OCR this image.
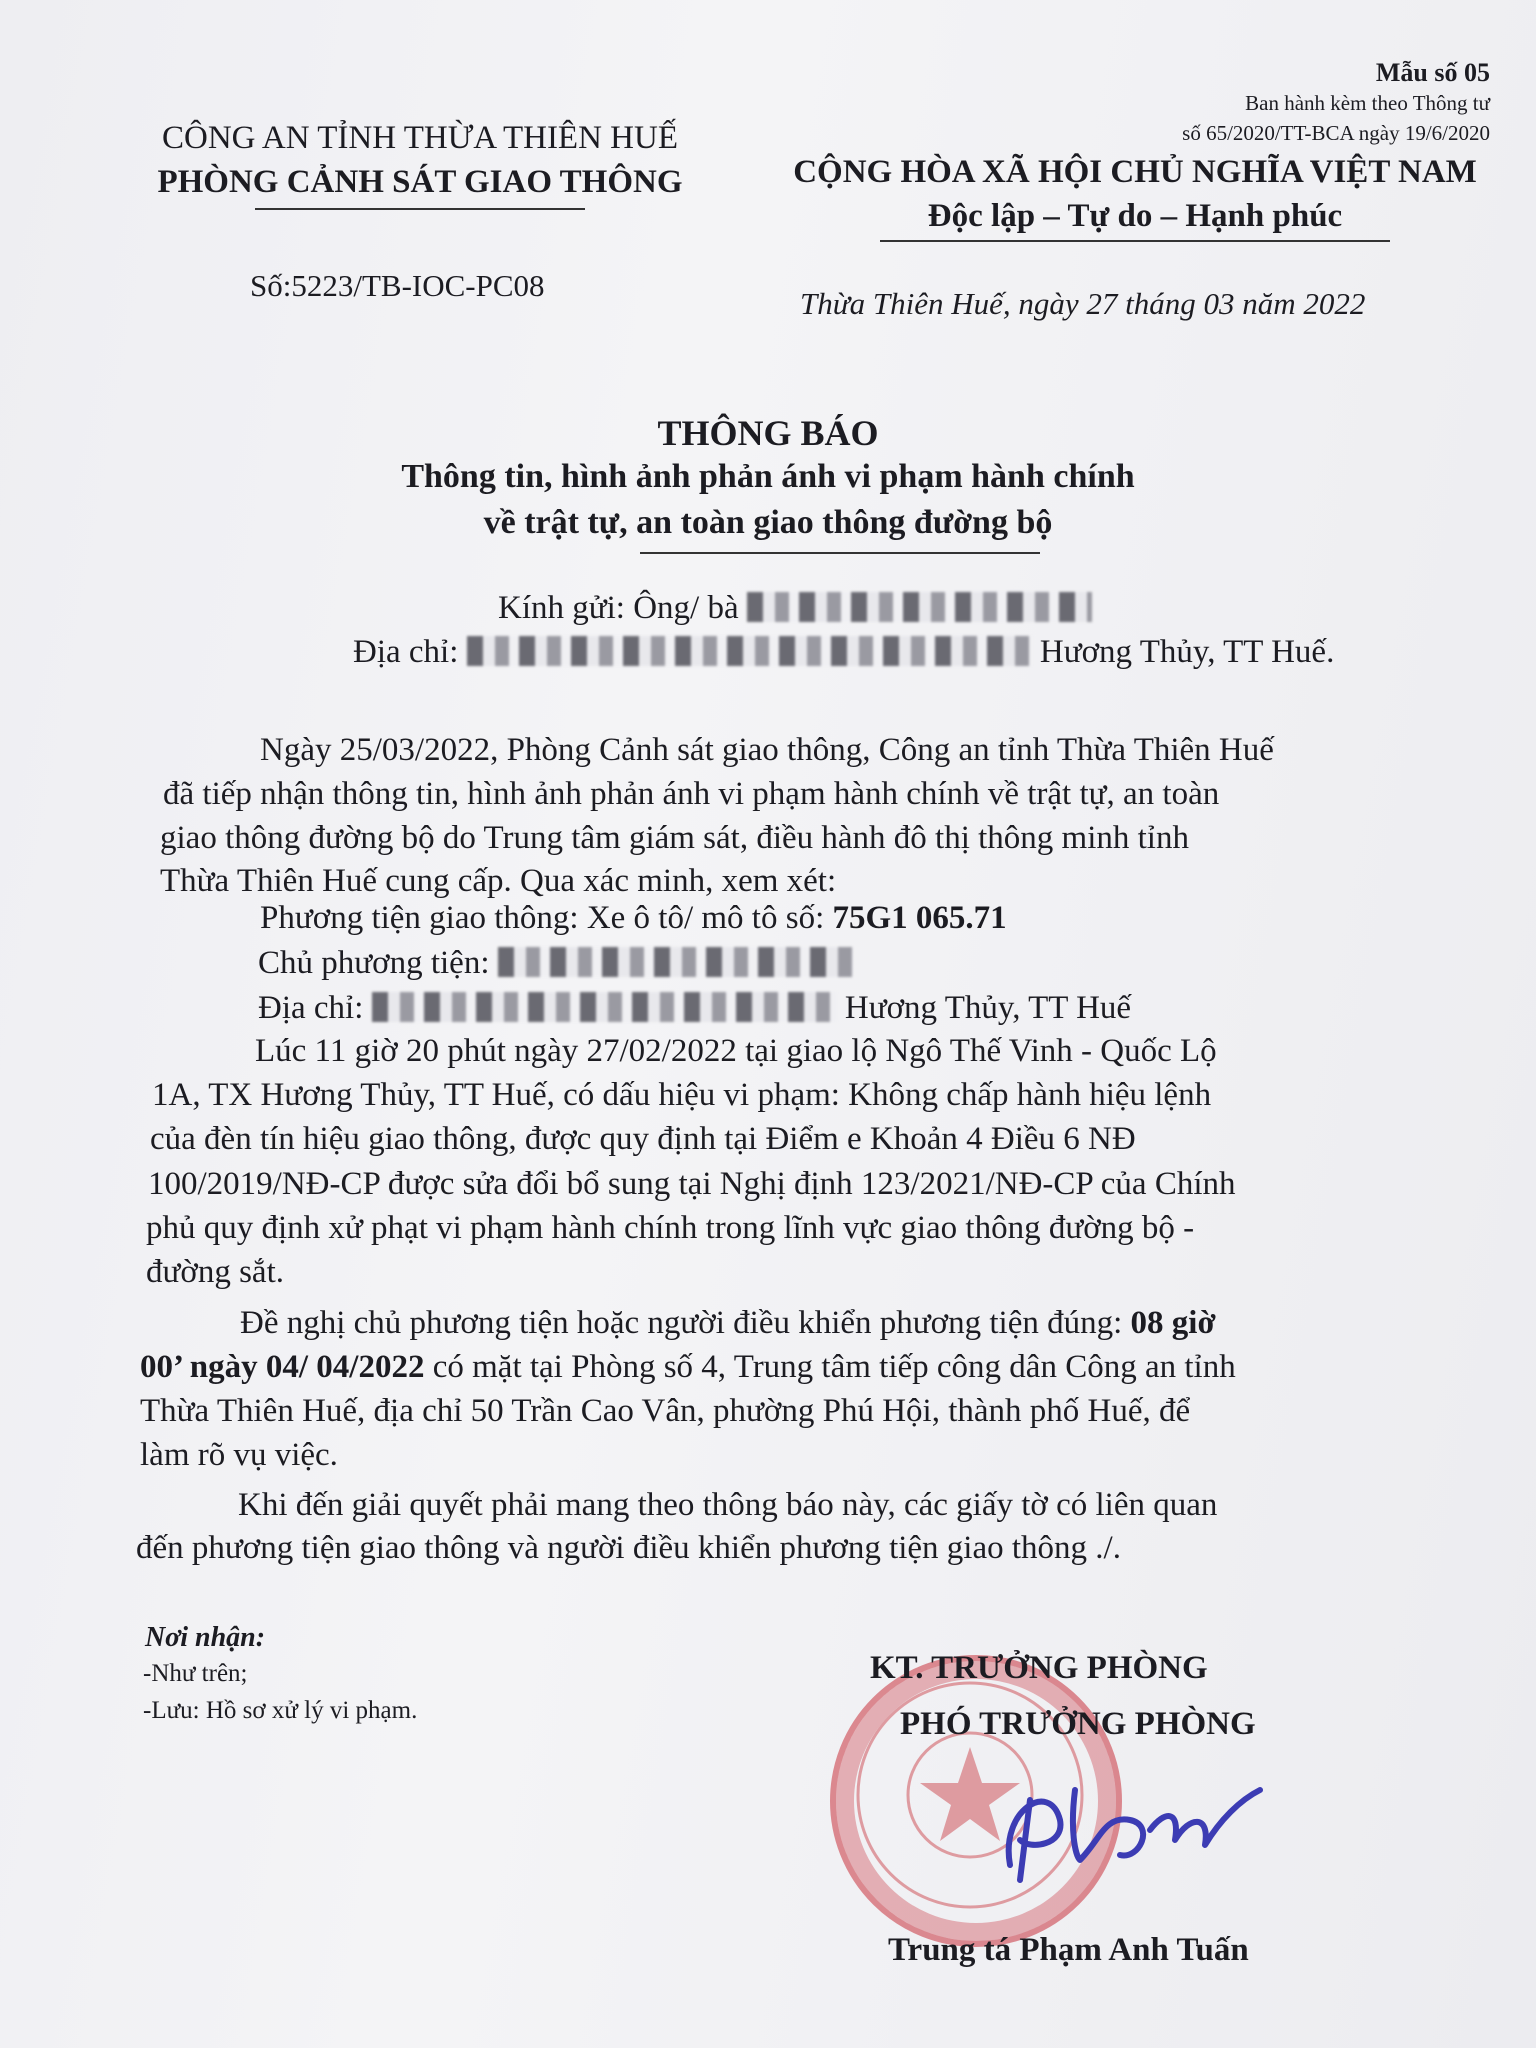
Mẫu số 05
Ban hành kèm theo Thông tư
số 65/2020/TT-BCA ngày 19/6/2020
CÔNG AN TỈNH THỪA THIÊN HUẾ
PHÒNG CẢNH SÁT GIAO THÔNG	CỘNG HÒA XÃ HỘI CHỦ NGHĨA VIỆT NAM
Độc lập – Tự do – Hạnh phúc
Số:5223/TB-IOC-PC08
Thừa Thiên Huế, ngày 27 tháng 03 năm 2022
THÔNG BÁO
Thông tin, hình ảnh phản ánh vi phạm hành chính
về trật tự, an toàn giao thông đường bộ
Kính gửi: Ông/ bà
Địa chỉ:	Hương Thủy, TT Huế.
Ngày 25/03/2022, Phòng Cảnh sát giao thông, Công an tỉnh Thừa Thiên Huế
đã tiếp nhận thông tin, hình ảnh phản ánh vi phạm hành chính về trật tự, an toàn
giao thông đường bộ do Trung tâm giám sát, điều hành đô thị thông minh tỉnh
Thừa Thiên Huế cung cấp. Qua xác minh, xem xét:
Phương tiện giao thông: Xe ô tô/ mô tô số: 75G1 065.71
Chủ phương tiện:
Địa chỉ:	Hương Thủy, TT Huế
Lúc 11 giờ 20 phút ngày 27/02/2022 tại giao lộ Ngô Thế Vinh - Quốc Lộ
1A, TX Hương Thủy, TT Huế, có dấu hiệu vi phạm: Không chấp hành hiệu lệnh
của đèn tín hiệu giao thông, được quy định tại Điểm e Khoản 4 Điều 6 NĐ
100/2019/NĐ-CP được sửa đổi bổ sung tại Nghị định 123/2021/NĐ-CP của Chính
phủ quy định xử phạt vi phạm hành chính trong lĩnh vực giao thông đường bộ -
đường sắt.
Đề nghị chủ phương tiện hoặc người điều khiển phương tiện đúng: 08 giờ
00’ ngày 04/ 04/2022 có mặt tại Phòng số 4, Trung tâm tiếp công dân Công an tỉnh
Thừa Thiên Huế, địa chỉ 50 Trần Cao Vân, phường Phú Hội, thành phố Huế, để
làm rõ vụ việc.
Khi đến giải quyết phải mang theo thông báo này, các giấy tờ có liên quan
đến phương tiện giao thông và người điều khiển phương tiện giao thông ./.
Nơi nhận:
-Như trên;
-Lưu: Hồ sơ xử lý vi phạm.
KT. TRƯỞNG PHÒNG
PHÓ TRƯỞNG PHÒNG
Trung tá Phạm Anh Tuấn
